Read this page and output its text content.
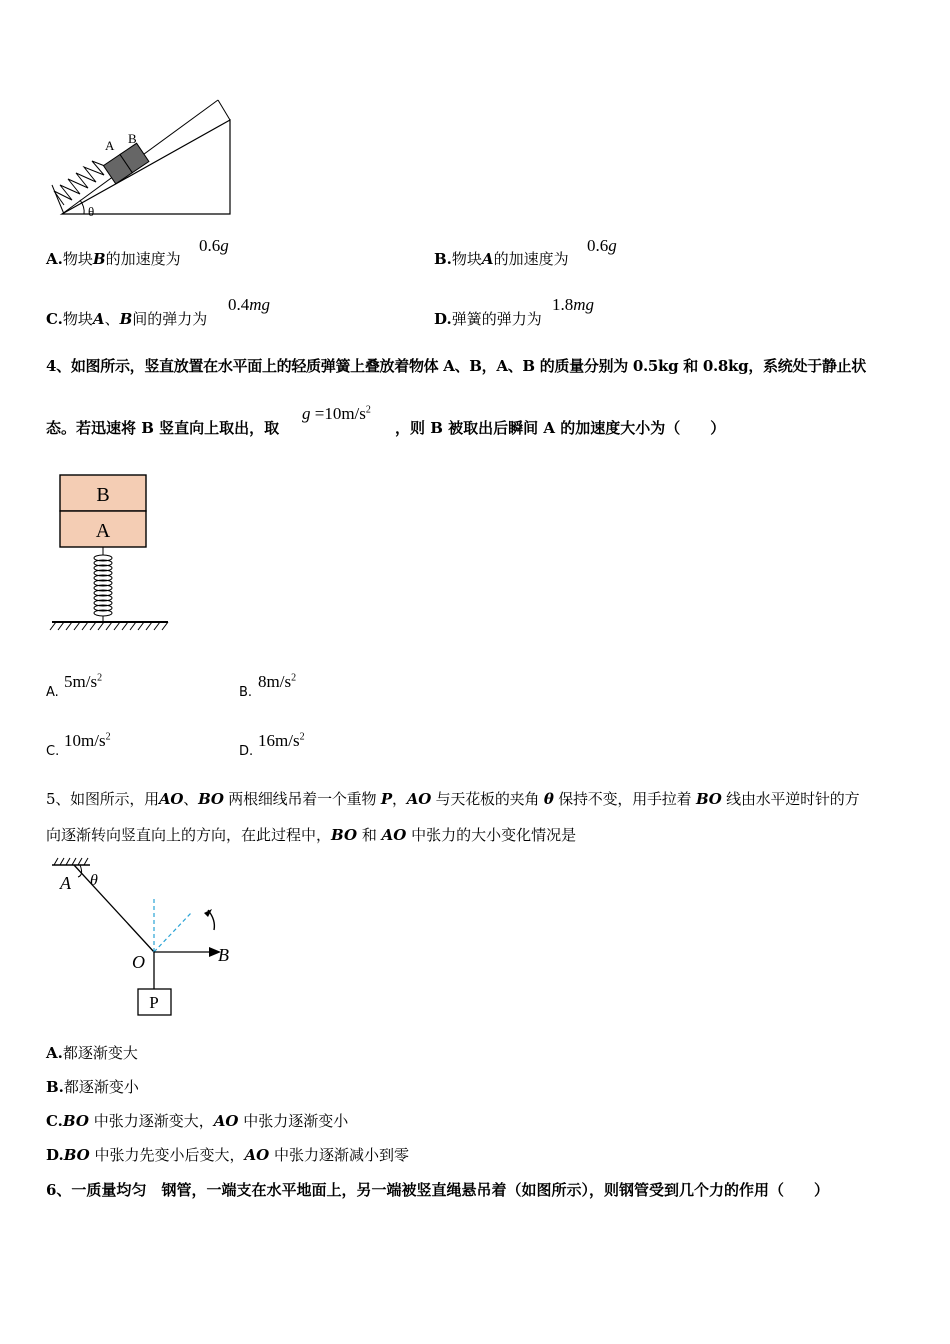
A B
θ
A.物块B的加速度为
0.6g
B.物块A的加速度为
0.6g
C.物块A、B间的弹力为
0.4mg
D.弹簧的弹力为
1.8mg
4、如图所示，竖直放置在水平面上的轻质弹簧上叠放着物体 A、B，A、B 的质量分别为 0.5kg 和 0.8kg，系统处于静止状
态。若迅速将 B 竖直向上取出，取
$g =10m/s^2$
，则 B 被取出后瞬间 A 的加速度大小为（　　）
B
A
A.
$5m/s^2$
B.
$8m/s^2$
C.
$10m/s^2$
D.
$16m/s^2$
5、如图所示，用AO、BO 两根细线吊着一个重物 P，AO 与天花板的夹角 θ 保持不变，用手拉着 BO 线由水平逆时针的方
向逐渐转向竖直向上的方向，在此过程中，BO 和 AO 中张力的大小变化情况是
A θ
O	B
P
A.都逐渐变大
B.都逐渐变小
C.BO 中张力逐渐变大，AO 中张力逐渐变小
D.BO 中张力先变小后变大，AO 中张力逐渐减小到零
6、一质量均匀　钢管，一端支在水平地面上，另一端被竖直绳悬吊着（如图所示），则钢管受到几个力的作用（　　）
